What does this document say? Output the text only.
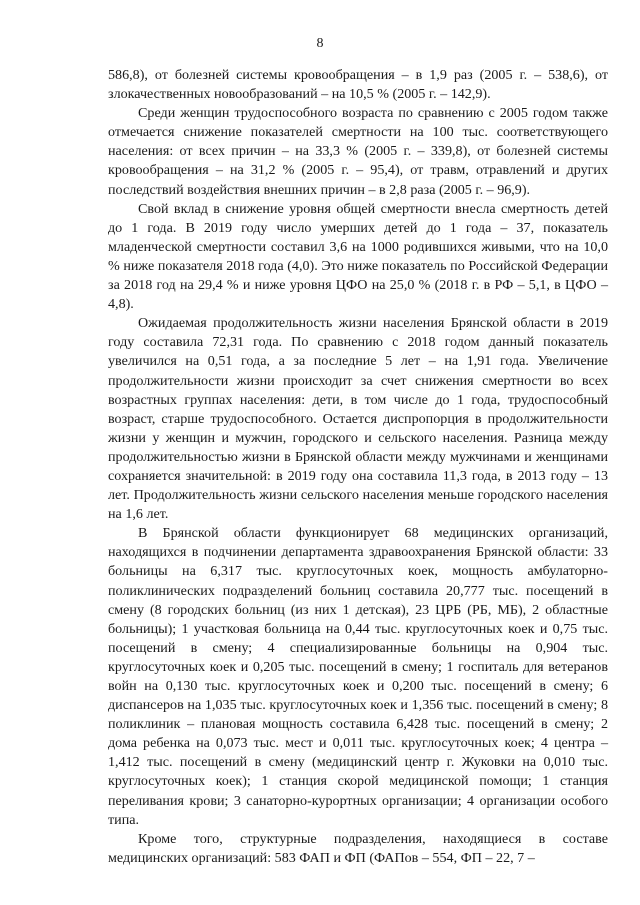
8

586,8), от болезней системы кровообращения – в 1,9 раз (2005 г. – 538,6), от злокачественных новообразований – на 10,5 % (2005 г. – 142,9).

Среди женщин трудоспособного возраста по сравнению с 2005 годом также отмечается снижение показателей смертности на 100 тыс. соответствующего населения: от всех причин – на 33,3 % (2005 г. – 339,8), от болезней системы кровообращения – на 31,2 % (2005 г. – 95,4), от травм, отравлений и других последствий воздействия внешних причин – в 2,8 раза (2005 г. – 96,9).

Свой вклад в снижение уровня общей смертности внесла смертность детей до 1 года. В 2019 году число умерших детей до 1 года – 37, показатель младенческой смертности составил 3,6 на 1000 родившихся живыми, что на 10,0 % ниже показателя 2018 года (4,0). Это ниже показатель по Российской Федерации за 2018 год на 29,4 % и ниже уровня ЦФО на 25,0 % (2018 г. в РФ – 5,1, в ЦФО – 4,8).

Ожидаемая продолжительность жизни населения Брянской области в 2019 году составила 72,31 года. По сравнению с 2018 годом данный показатель увеличился на 0,51 года, а за последние 5 лет – на 1,91 года. Увеличение продолжительности жизни происходит за счет снижения смертности во всех возрастных группах населения: дети, в том числе до 1 года, трудоспособный возраст, старше трудоспособного. Остается диспропорция в продолжительности жизни у женщин и мужчин, городского и сельского населения. Разница между продолжительностью жизни в Брянской области между мужчинами и женщинами сохраняется значительной: в 2019 году она составила 11,3 года, в 2013 году – 13 лет. Продолжительность жизни сельского населения меньше городского населения на 1,6 лет.

В Брянской области функционирует 68 медицинских организаций, находящихся в подчинении департамента здравоохранения Брянской области: 33 больницы на 6,317 тыс. круглосуточных коек, мощность амбулаторно-поликлинических подразделений больниц составила 20,777 тыс. посещений в смену (8 городских больниц (из них 1 детская), 23 ЦРБ (РБ, МБ), 2 областные больницы); 1 участковая больница на 0,44 тыс. круглосуточных коек и 0,75 тыс. посещений в смену; 4 специализированные больницы на 0,904 тыс. круглосуточных коек и 0,205 тыс. посещений в смену; 1 госпиталь для ветеранов войн на 0,130 тыс. круглосуточных коек и 0,200 тыс. посещений в смену; 6 диспансеров на 1,035 тыс. круглосуточных коек и 1,356 тыс. посещений в смену; 8 поликлиник – плановая мощность составила 6,428 тыс. посещений в смену; 2 дома ребенка на 0,073 тыс. мест и 0,011 тыс. круглосуточных коек; 4 центра – 1,412 тыс. посещений в смену (медицинский центр г. Жуковки на 0,010 тыс. круглосуточных коек); 1 станция скорой медицинской помощи; 1 станция переливания крови; 3 санаторно-курортных организации; 4 организации особого типа.

Кроме того, структурные подразделения, находящиеся в составе медицинских организаций: 583 ФАП и ФП (ФАПов – 554, ФП – 22, 7 –
